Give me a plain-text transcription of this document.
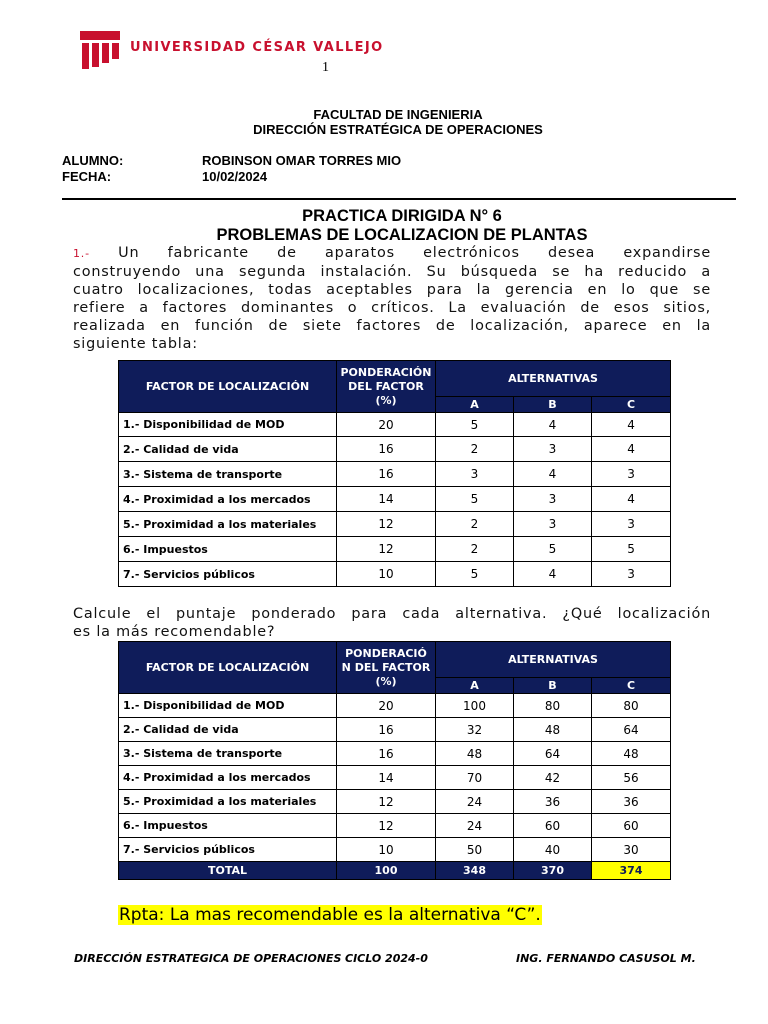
UNIVERSIDAD CÉSAR VALLEJO
1
FACULTAD DE INGENIERIA
DIRECCIÓN ESTRATÉGICA DE OPERACIONES
ALUMNO:	ROBINSON OMAR TORRES MIO
FECHA:	10/02/2024
PRACTICA DIRIGIDA N° 6
PROBLEMAS DE LOCALIZACION DE PLANTAS
1.- Un fabricante de aparatos electrónicos desea expandirse
construyendo una segunda instalación. Su búsqueda se ha reducido a
cuatro localizaciones, todas aceptables para la gerencia en lo que se
refiere a factores dominantes o críticos. La evaluación de esos sitios,
realizada en función de siete factores de localización, aparece en la
siguiente tabla:
FACTOR DE LOCALIZACIÓN	PONDERACIÓN
DEL FACTOR
(%)	ALTERNATIVAS		
		A	B	C
1.- Disponibilidad de MOD	20	5	4	4
2.- Calidad de vida	16	2	3	4
3.- Sistema de transporte	16	3	4	3
4.- Proximidad a los mercados	14	5	3	4
5.- Proximidad a los materiales	12	2	3	3
6.- Impuestos	12	2	5	5
7.- Servicios públicos	10	5	4	3
Calcule el puntaje ponderado para cada alternativa. ¿Qué localización
es la más recomendable?
FACTOR DE LOCALIZACIÓN	PONDERACIÓ
N DEL FACTOR
(%)	ALTERNATIVAS		
		A	B	C
1.- Disponibilidad de MOD	20	100	80	80
2.- Calidad de vida	16	32	48	64
3.- Sistema de transporte	16	48	64	48
4.- Proximidad a los mercados	14	70	42	56
5.- Proximidad a los materiales	12	24	36	36
6.- Impuestos	12	24	60	60
7.- Servicios públicos	10	50	40	30
TOTAL	100	348	370	374
Rpta: La mas recomendable es la alternativa “C”.
DIRECCIÓN ESTRATEGICA DE OPERACIONES CICLO 2024-0	ING. FERNANDO CASUSOL M.
